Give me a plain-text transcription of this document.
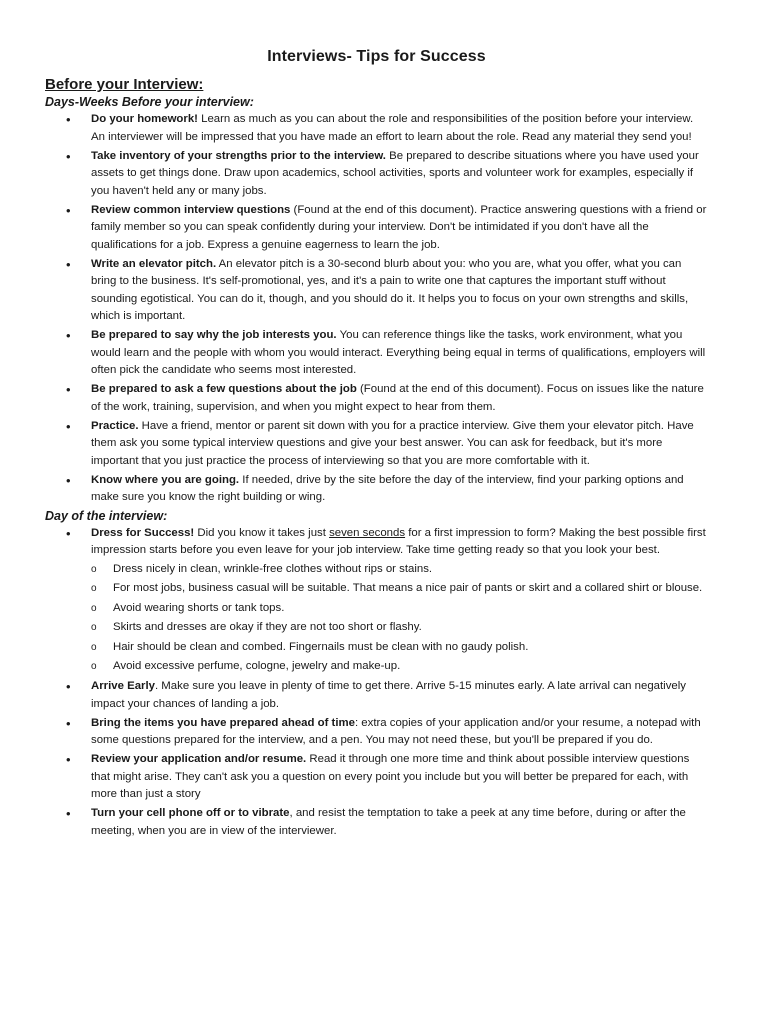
Interviews- Tips for Success
Before your Interview:
Days-Weeks Before your interview:
• Do your homework! Learn as much as you can about the role and responsibilities of the position before your interview. An interviewer will be impressed that you have made an effort to learn about the role. Read any material they send you!
• Take inventory of your strengths prior to the interview. Be prepared to describe situations where you have used your assets to get things done. Draw upon academics, school activities, sports and volunteer work for examples, especially if you haven't held any or many jobs.
• Review common interview questions (Found at the end of this document). Practice answering questions with a friend or family member so you can speak confidently during your interview. Don't be intimidated if you don't have all the qualifications for a job. Express a genuine eagerness to learn the job.
• Write an elevator pitch. An elevator pitch is a 30-second blurb about you: who you are, what you offer, what you can bring to the business. It's self-promotional, yes, and it's a pain to write one that captures the important stuff without sounding egotistical. You can do it, though, and you should do it. It helps you to focus on your own strengths and skills, which is important.
• Be prepared to say why the job interests you. You can reference things like the tasks, work environment, what you would learn and the people with whom you would interact. Everything being equal in terms of qualifications, employers will often pick the candidate who seems most interested.
• Be prepared to ask a few questions about the job (Found at the end of this document). Focus on issues like the nature of the work, training, supervision, and when you might expect to hear from them.
• Practice. Have a friend, mentor or parent sit down with you for a practice interview. Give them your elevator pitch. Have them ask you some typical interview questions and give your best answer. You can ask for feedback, but it's more important that you just practice the process of interviewing so that you are more comfortable with it.
• Know where you are going. If needed, drive by the site before the day of the interview, find your parking options and make sure you know the right building or wing.
Day of the interview:
• Dress for Success! Did you know it takes just seven seconds for a first impression to form? Making the best possible first impression starts before you even leave for your job interview. Take time getting ready so that you look your best.
o Dress nicely in clean, wrinkle-free clothes without rips or stains.
o For most jobs, business casual will be suitable. That means a nice pair of pants or skirt and a collared shirt or blouse.
o Avoid wearing shorts or tank tops.
o Skirts and dresses are okay if they are not too short or flashy.
o Hair should be clean and combed. Fingernails must be clean with no gaudy polish.
o Avoid excessive perfume, cologne, jewelry and make-up.
• Arrive Early. Make sure you leave in plenty of time to get there. Arrive 5-15 minutes early. A late arrival can negatively impact your chances of landing a job.
• Bring the items you have prepared ahead of time: extra copies of your application and/or your resume, a notepad with some questions prepared for the interview, and a pen. You may not need these, but you'll be prepared if you do.
• Review your application and/or resume. Read it through one more time and think about possible interview questions that might arise. They can't ask you a question on every point you include but you will better be prepared for each, with more than just a story
• Turn your cell phone off or to vibrate, and resist the temptation to take a peek at any time before, during or after the meeting, when you are in view of the interviewer.
